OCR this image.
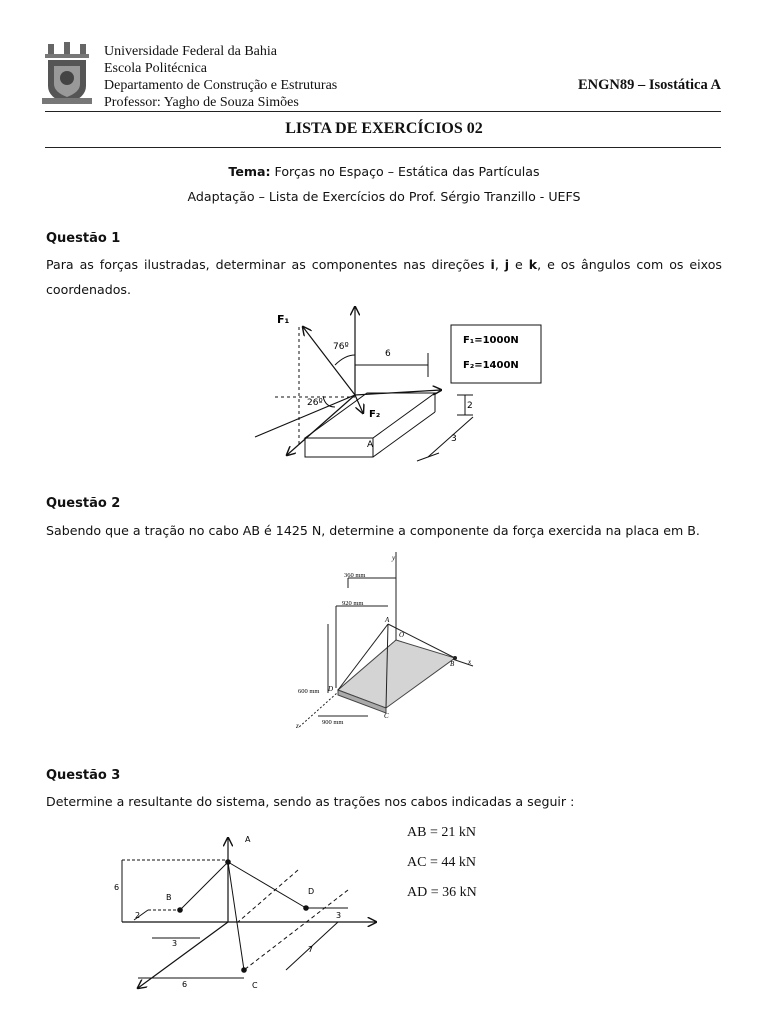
Universidade Federal da Bahia
Escola Politécnica
Departamento de Construção e Estruturas
Professor: Yagho de Souza Simões
ENGN89 – Isostática A
LISTA DE EXERCÍCIOS 02
Tema: Forças no Espaço – Estática das Partículas
Adaptação – Lista de Exercícios do Prof. Sérgio Tranzillo - UEFS
Questão 1
Para as forças ilustradas, determinar as componentes nas direções i, j e k, e os ângulos com os eixos coordenados.
F₁
F₂
76º
26º
6
A
2
3
F₁=1000N
F₂=1400N
Questão 2
Sabendo que a tração no cabo AB é 1425 N, determine a componente da força exercida na placa em B.
y
x
z
A
O
B
C
D
360 mm
920 mm
600 mm
900 mm
Questão 3
Determine a resultante do sistema, sendo as trações nos cabos indicadas a seguir :
AB = 21 kN
AC = 44 kN
AD = 36 kN
A
6
B
2
3
D
3
C
6
7
